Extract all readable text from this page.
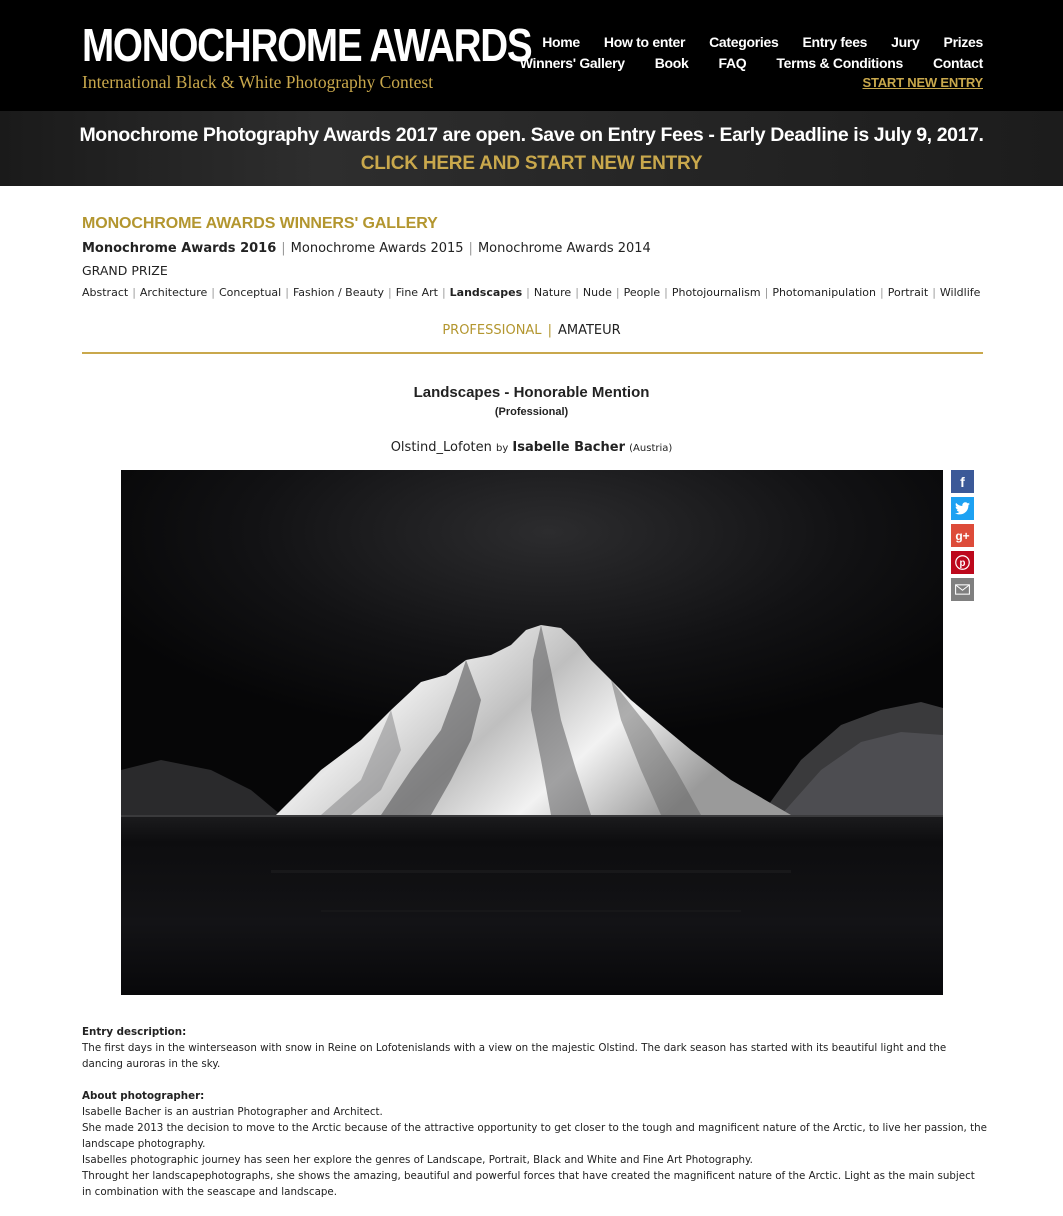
MONOCHROME AWARDS
International Black & White Photography Contest
Home How to enter Categories Entry fees Jury Prizes
Winners' Gallery Book FAQ Terms & Conditions Contact
START NEW ENTRY
Monochrome Photography Awards 2017 are open. Save on Entry Fees - Early Deadline is July 9, 2017.
CLICK HERE AND START NEW ENTRY
MONOCHROME AWARDS WINNERS' GALLERY
Monochrome Awards 2016 | Monochrome Awards 2015 | Monochrome Awards 2014
GRAND PRIZE
Abstract | Architecture | Conceptual | Fashion / Beauty | Fine Art | Landscapes | Nature | Nude | People | Photojournalism | Photomanipulation | Portrait | Wildlife
PROFESSIONAL | AMATEUR
Landscapes - Honorable Mention
(Professional)
Olstind_Lofoten by Isabelle Bacher (Austria)
f
g+
p
Entry description:
The first days in the winterseason with snow in Reine on Lofotenislands with a view on the majestic Olstind. The dark season has started with its beautiful light and the dancing auroras in the sky.
About photographer:
Isabelle Bacher is an austrian Photographer and Architect.
She made 2013 the decision to move to the Arctic because of the attractive opportunity to get closer to the tough and magnificent nature of the Arctic, to live her passion, the landscape photography.
Isabelles photographic journey has seen her explore the genres of Landscape, Portrait, Black and White and Fine Art Photography.
Throught her landscapephotographs, she shows the amazing, beautiful and powerful forces that have created the magnificent nature of the Arctic. Light as the main subject in combination with the seascape and landscape.
